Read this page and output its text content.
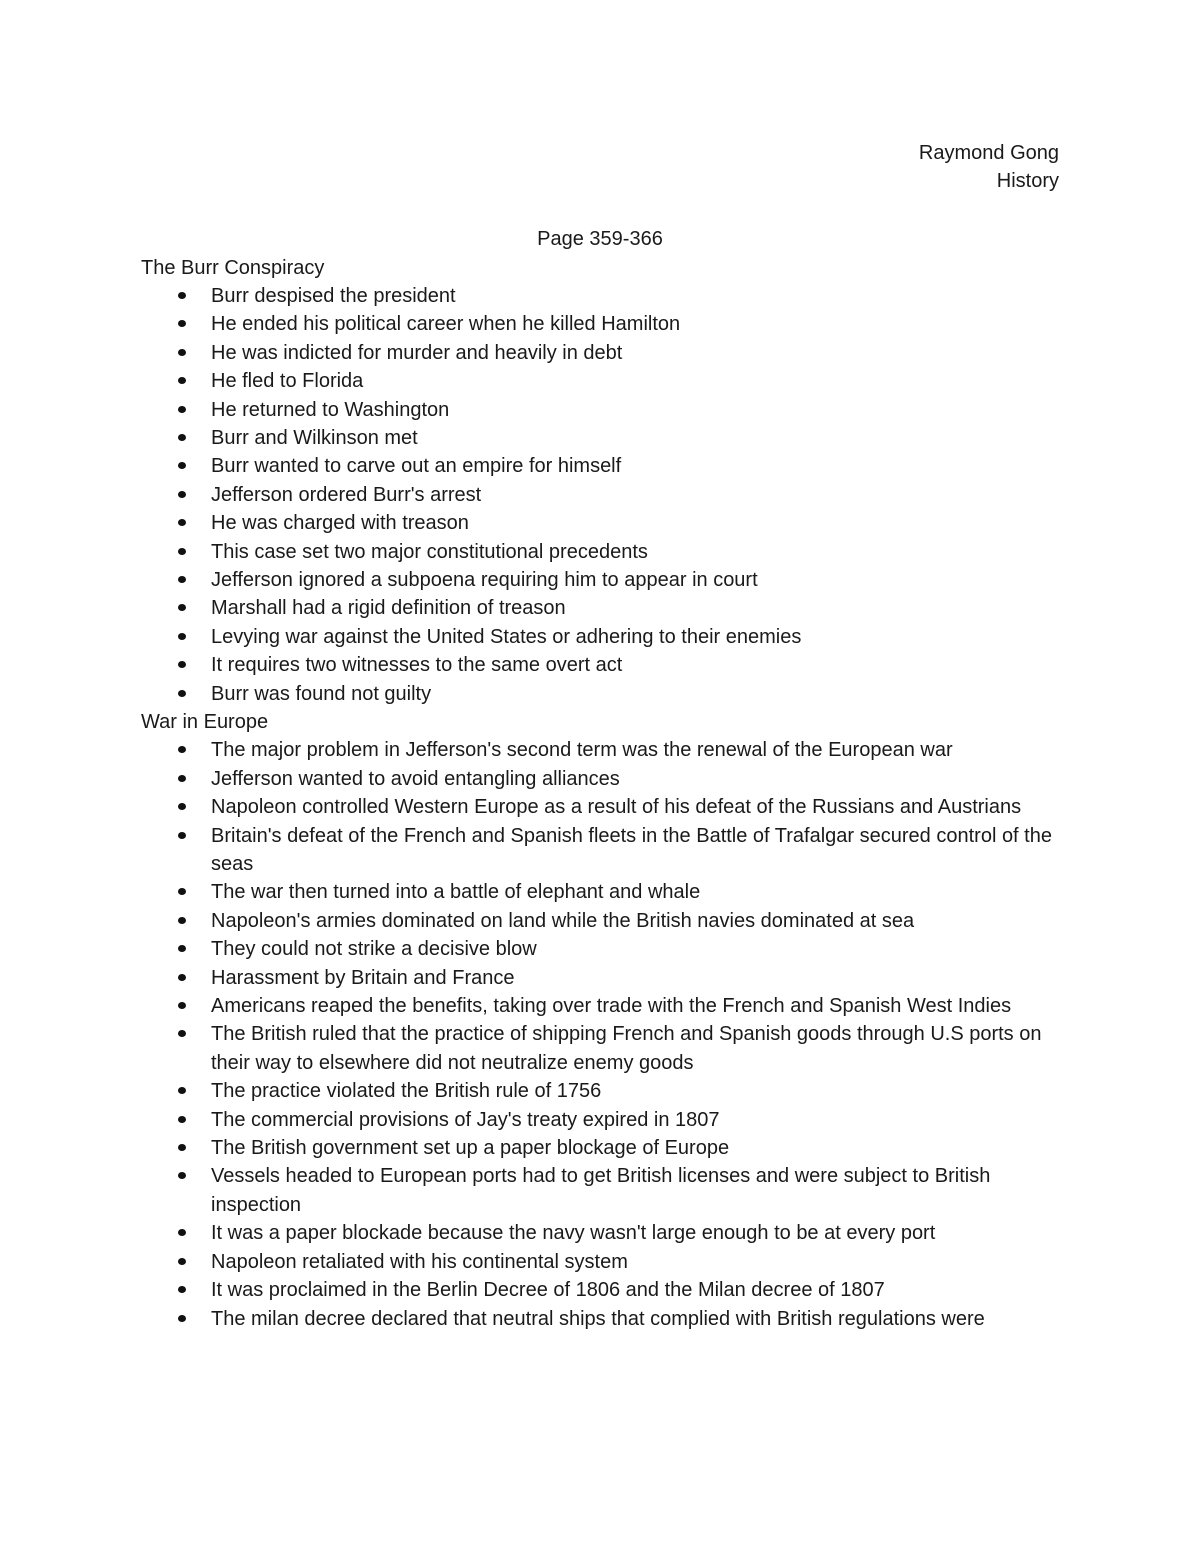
Raymond Gong
History
Page 359-366
The Burr Conspiracy
Burr despised the president
He ended his political career when he killed Hamilton
He was indicted for murder and heavily in debt
He fled to Florida
He returned to Washington
Burr and Wilkinson met
Burr wanted to carve out an empire for himself
Jefferson ordered Burr's arrest
He was charged with treason
This case set two major constitutional precedents
Jefferson ignored a subpoena requiring him to appear in court
Marshall had a rigid definition of treason
Levying war against the United States or adhering to their enemies
It requires two witnesses to the same overt act
Burr was found not guilty
War in Europe
The major problem in Jefferson's second term was the renewal of the European war
Jefferson wanted to avoid entangling alliances
Napoleon controlled Western Europe as a result of his defeat of the Russians and Austrians
Britain's defeat of the French and Spanish fleets in the Battle of Trafalgar secured control of the seas
The war then turned into a battle of elephant and whale
Napoleon's armies dominated on land while the British navies dominated at sea
They could not strike a decisive blow
Harassment by Britain and France
Americans reaped the benefits, taking over trade with the French and Spanish West Indies
The British ruled that the practice of shipping French and Spanish goods through U.S ports on their way to elsewhere did not neutralize enemy goods
The practice violated the British rule of 1756
The commercial provisions of Jay's treaty expired in 1807
The British government set up a paper blockage of Europe
Vessels headed to European ports had to get British licenses and were subject to British inspection
It was a paper blockade because the navy wasn't large enough to be at every port
Napoleon retaliated with his continental system
It was proclaimed in the Berlin Decree of 1806 and the Milan decree of 1807
The milan decree declared that neutral ships that complied with British regulations were
